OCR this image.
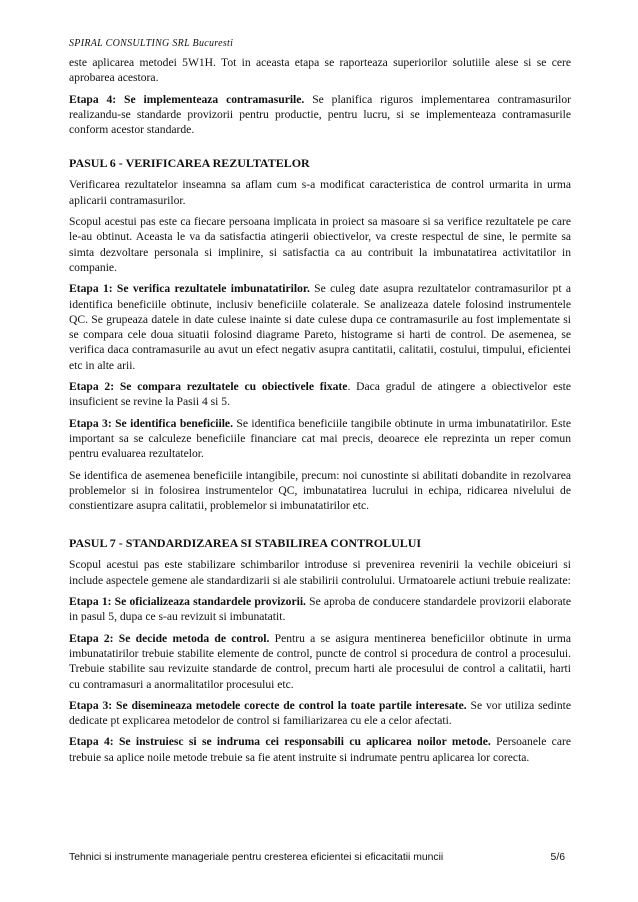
SPIRAL CONSULTING SRL Bucuresti

este aplicarea metodei 5W1H. Tot in aceasta etapa se raporteaza superiorilor solutiile alese si se cere aprobarea acestora.

Etapa 4: Se implementeaza contramasurile. Se planifica riguros implementarea contramasurilor realizandu-se standarde provizorii pentru productie, pentru lucru, si se implementeaza contramasurile conform acestor standarde.

PASUL 6 - VERIFICAREA REZULTATELOR

Verificarea rezultatelor inseamna sa aflam cum s-a modificat caracteristica de control urmarita in urma aplicarii contramasurilor.

Scopul acestui pas este ca fiecare persoana implicata in proiect sa masoare si sa verifice rezultatele pe care le-au obtinut. Aceasta le va da satisfactia atingerii obiectivelor, va creste respectul de sine, le permite sa simta dezvoltare personala si implinire, si satisfactia ca au contribuit la imbunatatirea activitatilor in companie.

Etapa 1: Se verifica rezultatele imbunatatirilor. Se culeg date asupra rezultatelor contramasurilor pt a identifica beneficiile obtinute, inclusiv beneficiile colaterale. Se analizeaza datele folosind instrumentele QC. Se grupeaza datele in date culese inainte si date culese dupa ce contramasurile au fost implementate si se compara cele doua situatii folosind diagrame Pareto, histograme si harti de control. De asemenea, se verifica daca contramasurile au avut un efect negativ asupra cantitatii, calitatii, costului, timpului, eficientei etc in alte arii.

Etapa 2: Se compara rezultatele cu obiectivele fixate. Daca gradul de atingere a obiectivelor este insuficient se revine la Pasii 4 si 5.

Etapa 3: Se identifica beneficiile. Se identifica beneficiile tangibile obtinute in urma imbunatatirilor. Este important sa se calculeze beneficiile financiare cat mai precis, deoarece ele reprezinta un reper comun pentru evaluarea rezultatelor.

Se identifica de asemenea beneficiile intangibile, precum: noi cunostinte si abilitati dobandite in rezolvarea problemelor si in folosirea instrumentelor QC, imbunatatirea lucrului in echipa, ridicarea nivelului de constientizare asupra calitatii, problemelor si imbunatatirilor etc.

PASUL 7 - STANDARDIZAREA SI STABILIREA CONTROLULUI

Scopul acestui pas este stabilizare schimbarilor introduse si prevenirea revenirii la vechile obiceiuri si include aspectele gemene ale standardizarii si ale stabilirii controlului. Urmatoarele actiuni trebuie realizate:

Etapa 1: Se oficializeaza standardele provizorii. Se aproba de conducere standardele provizorii elaborate in pasul 5, dupa ce s-au revizuit si imbunatatit.

Etapa 2: Se decide metoda de control. Pentru a se asigura mentinerea beneficiilor obtinute in urma imbunatatirilor trebuie stabilite elemente de control, puncte de control si procedura de control a procesului. Trebuie stabilite sau revizuite standarde de control, precum harti ale procesului de control a calitatii, harti cu contramasuri a anormalitatilor procesului etc.

Etapa 3: Se disemineaza metodele corecte de control la toate partile interesate. Se vor utiliza sedinte dedicate pt explicarea metodelor de control si familiarizarea cu ele a celor afectati.

Etapa 4: Se instruiesc si se indruma cei responsabili cu aplicarea noilor metode. Persoanele care trebuie sa aplice noile metode trebuie sa fie atent instruite si indrumate pentru aplicarea lor corecta.

Tehnici si instrumente manageriale pentru cresterea eficientei si eficacitatii muncii	5/6
